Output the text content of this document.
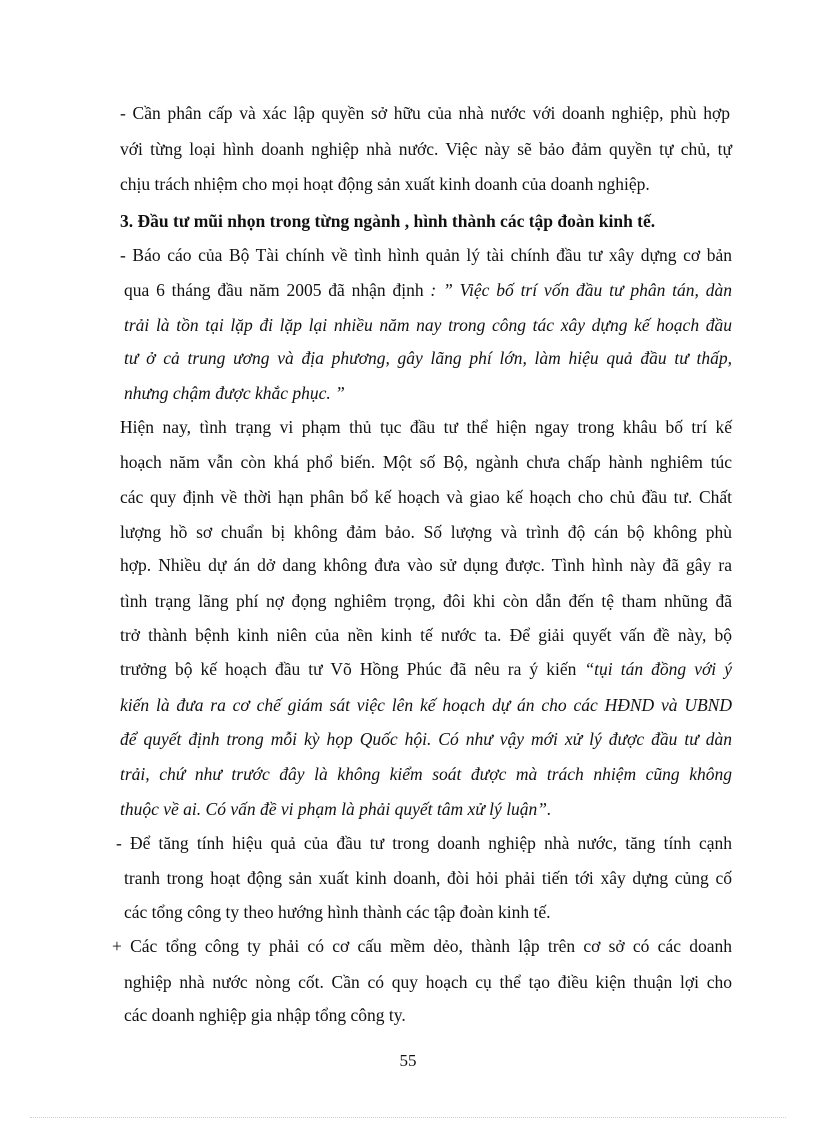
- Cần phân cấp và xác lập quyền sở hữu của nhà nước với doanh nghiệp, phù hợp
với từng loại hình doanh nghiệp nhà nước. Việc này sẽ bảo đảm quyền tự chủ, tự
chịu trách nhiệm cho mọi hoạt động sản xuất kinh doanh của doanh nghiệp.
3. Đầu tư mũi nhọn trong từng ngành , hình thành các tập đoàn kinh tế.
- Báo cáo của Bộ Tài chính về tình hình quản lý tài chính đầu tư xây dựng cơ bản
qua 6 tháng đầu năm 2005 đã nhận định : ” Việc bố trí vốn đầu tư phân tán, dàn
trải là tồn tại lặp đi lặp lại nhiều năm nay trong công tác xây dựng kế hoạch đầu
tư ở cả trung ương và địa phương, gây lãng phí lớn, làm hiệu quả đầu tư thấp,
nhưng chậm được khắc phục. ”
Hiện nay, tình trạng vi phạm thủ tục đầu tư thể hiện ngay trong khâu bố trí kế
hoạch năm vẫn còn khá phổ biến. Một số Bộ, ngành chưa chấp hành nghiêm túc
các quy định về thời hạn phân bổ kế hoạch và giao kế hoạch cho chủ đầu tư. Chất
lượng hồ sơ chuẩn bị không đảm bảo. Số lượng và trình độ cán bộ không phù
hợp. Nhiều dự án dở dang không đưa vào sử dụng được. Tình hình này đã gây ra
tình trạng lãng phí nợ đọng nghiêm trọng, đôi khi còn dẫn đến tệ tham nhũng đã
trở thành bệnh kinh niên của nền kinh tế nước ta. Để giải quyết vấn đề này, bộ
trưởng bộ kế hoạch đầu tư Võ Hồng Phúc đã nêu ra ý kiến “tụi tán đồng với ý
kiến là đưa ra cơ chế giám sát việc lên kế hoạch dự án cho các HĐND và UBND
để quyết định trong mỗi kỳ họp Quốc hội. Có như vậy mới xử lý được đầu tư dàn
trải, chứ như trước đây là không kiểm soát được mà trách nhiệm cũng không
thuộc về ai. Có vấn đề vi phạm là phải quyết tâm xử lý luận”.
- Để tăng tính hiệu quả của đầu tư trong doanh nghiệp nhà nước, tăng tính cạnh
tranh trong hoạt động sản xuất kinh doanh, đòi hỏi phải tiến tới xây dựng củng cố
các tổng công ty theo hướng hình thành các tập đoàn kinh tế.
+ Các tổng công ty phải có cơ cấu mềm dẻo, thành lập trên cơ sở có các doanh
nghiệp nhà nước nòng cốt. Cần có quy hoạch cụ thể tạo điều kiện thuận lợi cho
các doanh nghiệp gia nhập tổng công ty.
55
